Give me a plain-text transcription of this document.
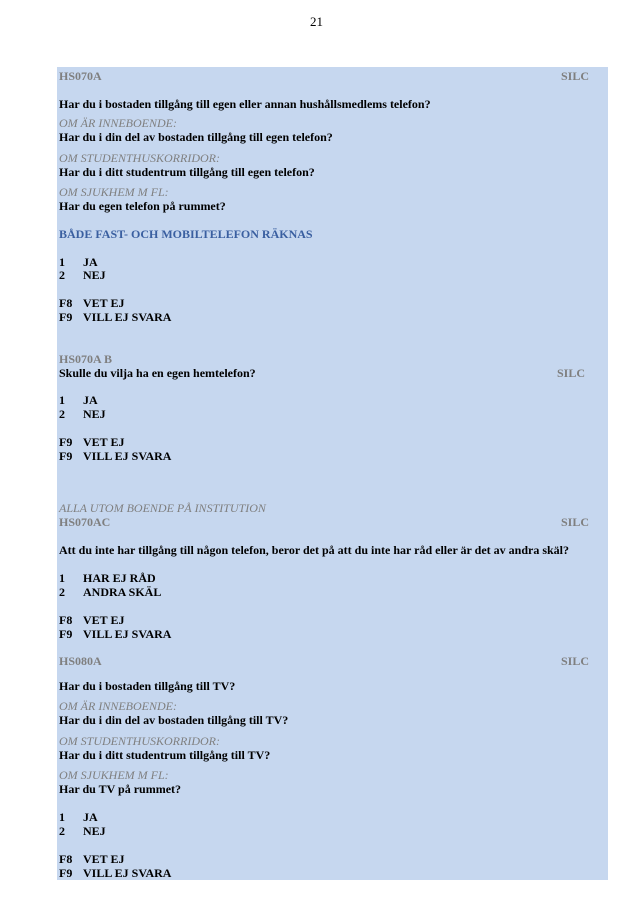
21
HS070A	SILC
Har du i bostaden tillgång till egen eller annan hushållsmedlems telefon?
OM ÄR INNEBOENDE:
Har du i din del av bostaden tillgång till egen telefon?
OM STUDENTHUSKORRIDOR:
Har du i ditt studentrum tillgång till egen telefon?
OM SJUKHEM M FL:
Har du egen telefon på rummet?
BÅDE FAST- OCH MOBILTELEFON RÄKNAS
1 JA
2 NEJ
F8 VET EJ
F9 VILL EJ SVARA
HS070A B
Skulle du vilja ha en egen hemtelefon?	SILC
1 JA
2 NEJ
F9 VET EJ
F9 VILL EJ SVARA
ALLA UTOM BOENDE PÅ INSTITUTION
HS070AC	SILC
Att du inte har tillgång till någon telefon, beror det på att du inte har råd eller är det av andra skäl?
1 HAR EJ RÅD
2 ANDRA SKÄL
F8 VET EJ
F9 VILL EJ SVARA
HS080A	SILC
Har du i bostaden tillgång till TV?
OM ÄR INNEBOENDE:
Har du i din del av bostaden tillgång till TV?
OM STUDENTHUSKORRIDOR:
Har du i ditt studentrum tillgång till TV?
OM SJUKHEM M FL:
Har du TV på rummet?
1 JA
2 NEJ
F8 VET EJ
F9 VILL EJ SVARA
